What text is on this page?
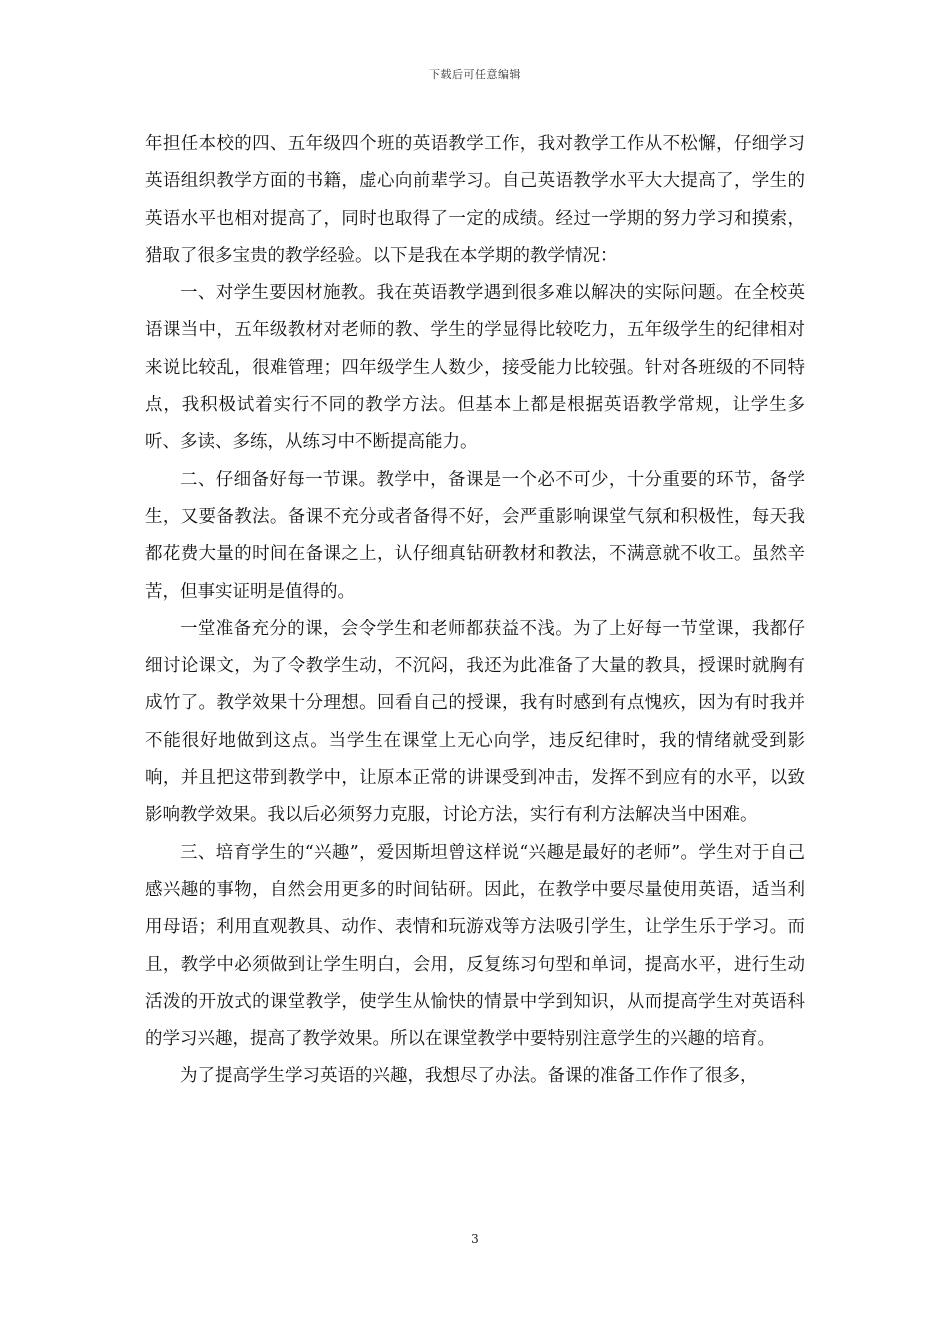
下载后可任意编辑

年担任本校的四、五年级四个班的英语教学工作，我对教学工作从不松懈，仔细学习英语组织教学方面的书籍，虚心向前辈学习。自己英语教学水平大大提高了，学生的英语水平也相对提高了，同时也取得了一定的成绩。经过一学期的努力学习和摸索，猎取了很多宝贵的教学经验。以下是我在本学期的教学情况：

一、对学生要因材施教。我在英语教学遇到很多难以解决的实际问题。在全校英语课当中，五年级教材对老师的教、学生的学显得比较吃力，五年级学生的纪律相对来说比较乱，很难管理；四年级学生人数少，接受能力比较强。针对各班级的不同特点，我积极试着实行不同的教学方法。但基本上都是根据英语教学常规，让学生多听、多读、多练，从练习中不断提高能力。

二、仔细备好每一节课。教学中，备课是一个必不可少，十分重要的环节，备学生，又要备教法。备课不充分或者备得不好，会严重影响课堂气氛和积极性，每天我都花费大量的时间在备课之上，认仔细真钻研教材和教法，不满意就不收工。虽然辛苦，但事实证明是值得的。

一堂准备充分的课，会令学生和老师都获益不浅。为了上好每一节堂课，我都仔细讨论课文，为了令教学生动，不沉闷，我还为此准备了大量的教具，授课时就胸有成竹了。教学效果十分理想。回看自己的授课，我有时感到有点愧疚，因为有时我并不能很好地做到这点。当学生在课堂上无心向学，违反纪律时，我的情绪就受到影响，并且把这带到教学中，让原本正常的讲课受到冲击，发挥不到应有的水平，以致影响教学效果。我以后必须努力克服，讨论方法，实行有利方法解决当中困难。

三、培育学生的“兴趣”，爱因斯坦曾这样说“兴趣是最好的老师”。学生对于自己感兴趣的事物，自然会用更多的时间钻研。因此，在教学中要尽量使用英语，适当利用母语；利用直观教具、动作、表情和玩游戏等方法吸引学生，让学生乐于学习。而且，教学中必须做到让学生明白，会用，反复练习句型和单词，提高水平，进行生动活泼的开放式的课堂教学，使学生从愉快的情景中学到知识，从而提高学生对英语科的学习兴趣，提高了教学效果。所以在课堂教学中要特别注意学生的兴趣的培育。

为了提高学生学习英语的兴趣，我想尽了办法。备课的准备工作作了很多，

3
